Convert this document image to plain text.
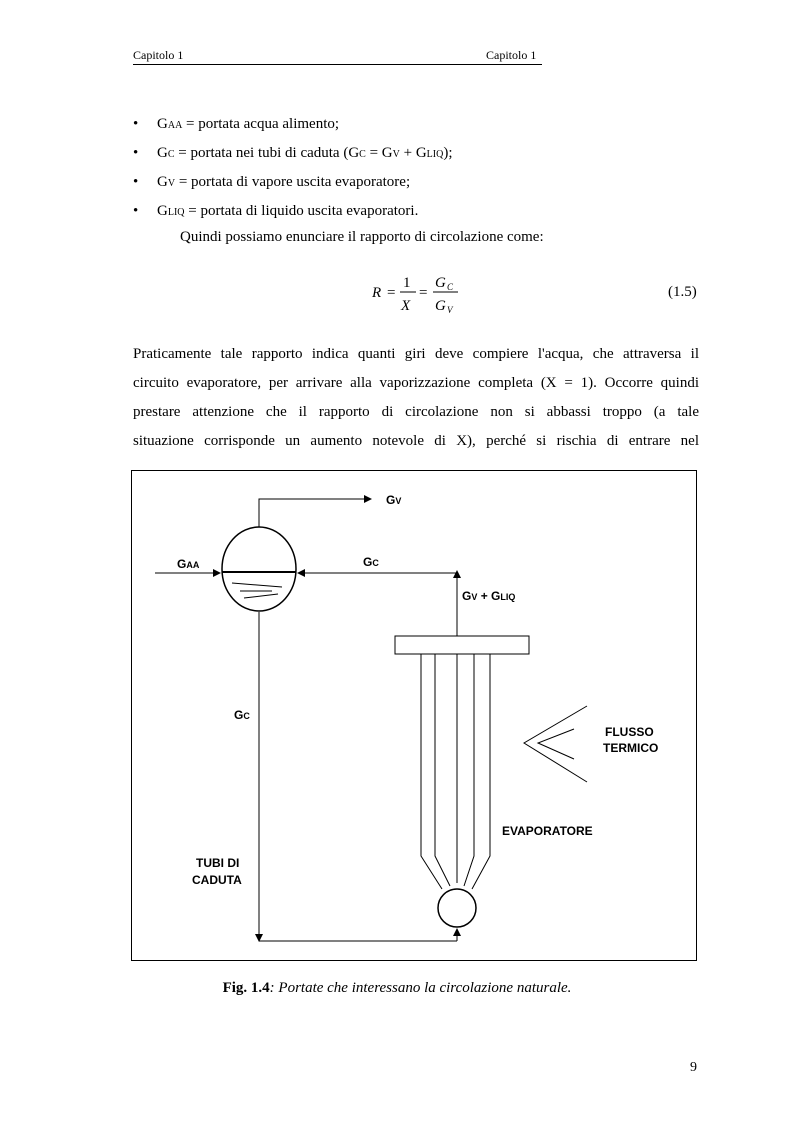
Capitolo 1	Capitolo 1
• GAA = portata acqua alimento;
• GC = portata nei tubi di caduta (GC = GV + GLIQ);
• GV = portata di vapore uscita evaporatore;
• GLIQ = portata di liquido uscita evaporatori.
Quindi possiamo enunciare il rapporto di circolazione come:
R =
1
X
=
G C
G V
(1.5)
Praticamente tale rapporto indica quanti giri deve compiere l'acqua, che attraversa il
circuito evaporatore, per arrivare alla vaporizzazione completa (X = 1). Occorre quindi
prestare attenzione che il rapporto di circolazione non si abbassi troppo (a tale
situazione corrisponde un aumento notevole di X), perché si rischia di entrare nel
GV
GAA	GC
GV + GLIQ
GC
FLUSSO
TERMICO
EVAPORATORE
TUBI DI
CADUTA
Fig. 1.4: Portate che interessano la circolazione naturale.
9
